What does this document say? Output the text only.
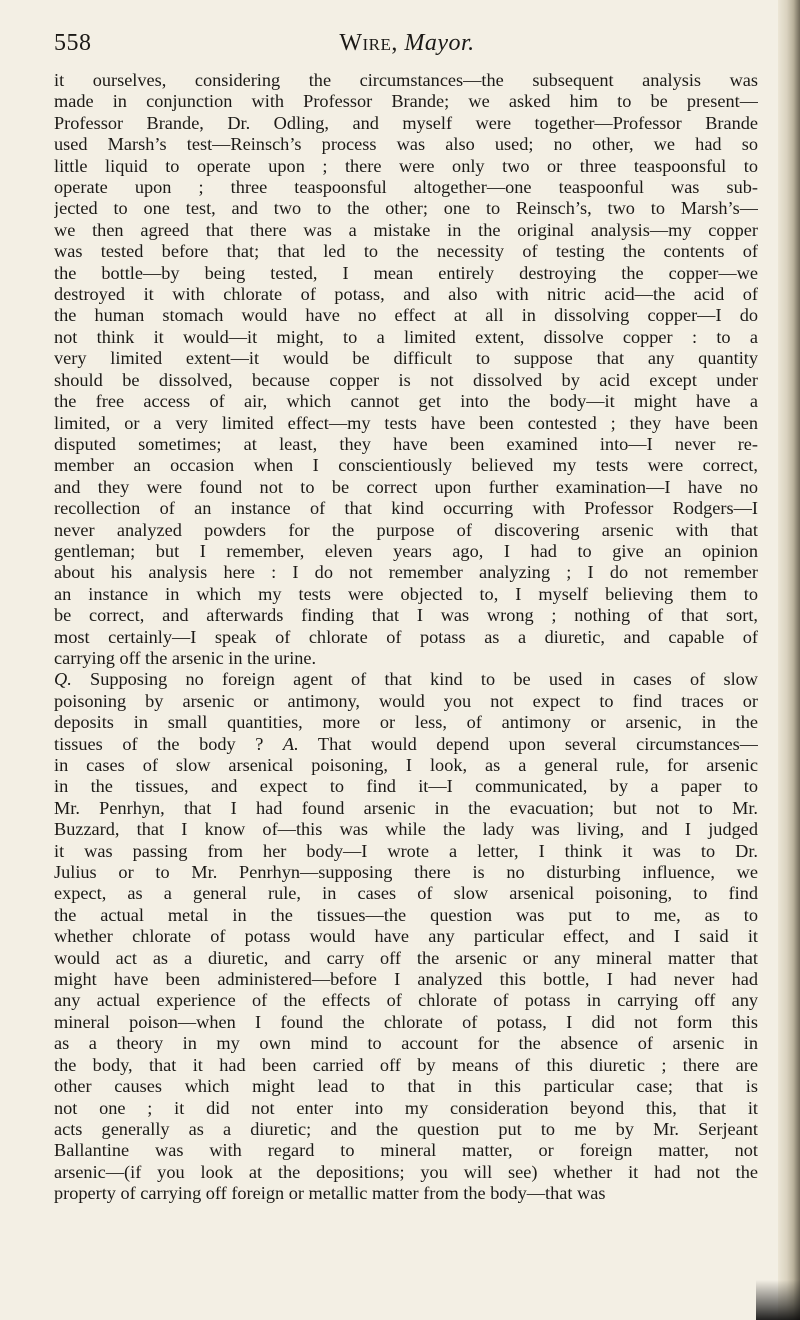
558	Wire, Mayor.
it ourselves, considering the circumstances—the subsequent analysis was
made in conjunction with Professor Brande; we asked him to be present—
Professor Brande, Dr. Odling, and myself were together—Professor Brande
used Marsh’s test—Reinsch’s process was also used; no other, we had so
little liquid to operate upon ; there were only two or three teaspoonsful to
operate upon ; three teaspoonsful altogether—one teaspoonful was sub-
jected to one test, and two to the other; one to Reinsch’s, two to Marsh’s—
we then agreed that there was a mistake in the original analysis—my copper
was tested before that; that led to the necessity of testing the contents of
the bottle—by being tested, I mean entirely destroying the copper—we
destroyed it with chlorate of potass, and also with nitric acid—the acid of
the human stomach would have no effect at all in dissolving copper—I do
not think it would—it might, to a limited extent, dissolve copper : to a
very limited extent—it would be difficult to suppose that any quantity
should be dissolved, because copper is not dissolved by acid except under
the free access of air, which cannot get into the body—it might have a
limited, or a very limited effect—my tests have been contested ; they have been
disputed sometimes; at least, they have been examined into—I never re-
member an occasion when I conscientiously believed my tests were correct,
and they were found not to be correct upon further examination—I have no
recollection of an instance of that kind occurring with Professor Rodgers—I
never analyzed powders for the purpose of discovering arsenic with that
gentleman; but I remember, eleven years ago, I had to give an opinion
about his analysis here : I do not remember analyzing ; I do not remember
an instance in which my tests were objected to, I myself believing them to
be correct, and afterwards finding that I was wrong ; nothing of that sort,
most certainly—I speak of chlorate of potass as a diuretic, and capable of
carrying off the arsenic in the urine.
Q. Supposing no foreign agent of that kind to be used in cases of slow
poisoning by arsenic or antimony, would you not expect to find traces or
deposits in small quantities, more or less, of antimony or arsenic, in the
tissues of the body ? A. That would depend upon several circumstances—
in cases of slow arsenical poisoning, I look, as a general rule, for arsenic
in the tissues, and expect to find it—I communicated, by a paper to
Mr. Penrhyn, that I had found arsenic in the evacuation; but not to Mr.
Buzzard, that I know of—this was while the lady was living, and I judged
it was passing from her body—I wrote a letter, I think it was to Dr.
Julius or to Mr. Penrhyn—supposing there is no disturbing influence, we
expect, as a general rule, in cases of slow arsenical poisoning, to find
the actual metal in the tissues—the question was put to me, as to
whether chlorate of potass would have any particular effect, and I said it
would act as a diuretic, and carry off the arsenic or any mineral matter that
might have been administered—before I analyzed this bottle, I had never had
any actual experience of the effects of chlorate of potass in carrying off any
mineral poison—when I found the chlorate of potass, I did not form this
as a theory in my own mind to account for the absence of arsenic in
the body, that it had been carried off by means of this diuretic ; there are
other causes which might lead to that in this particular case; that is
not one ; it did not enter into my consideration beyond this, that it
acts generally as a diuretic; and the question put to me by Mr. Serjeant
Ballantine was with regard to mineral matter, or foreign matter, not
arsenic—(if you look at the depositions; you will see) whether it had not the
property of carrying off foreign or metallic matter from the body—that was
